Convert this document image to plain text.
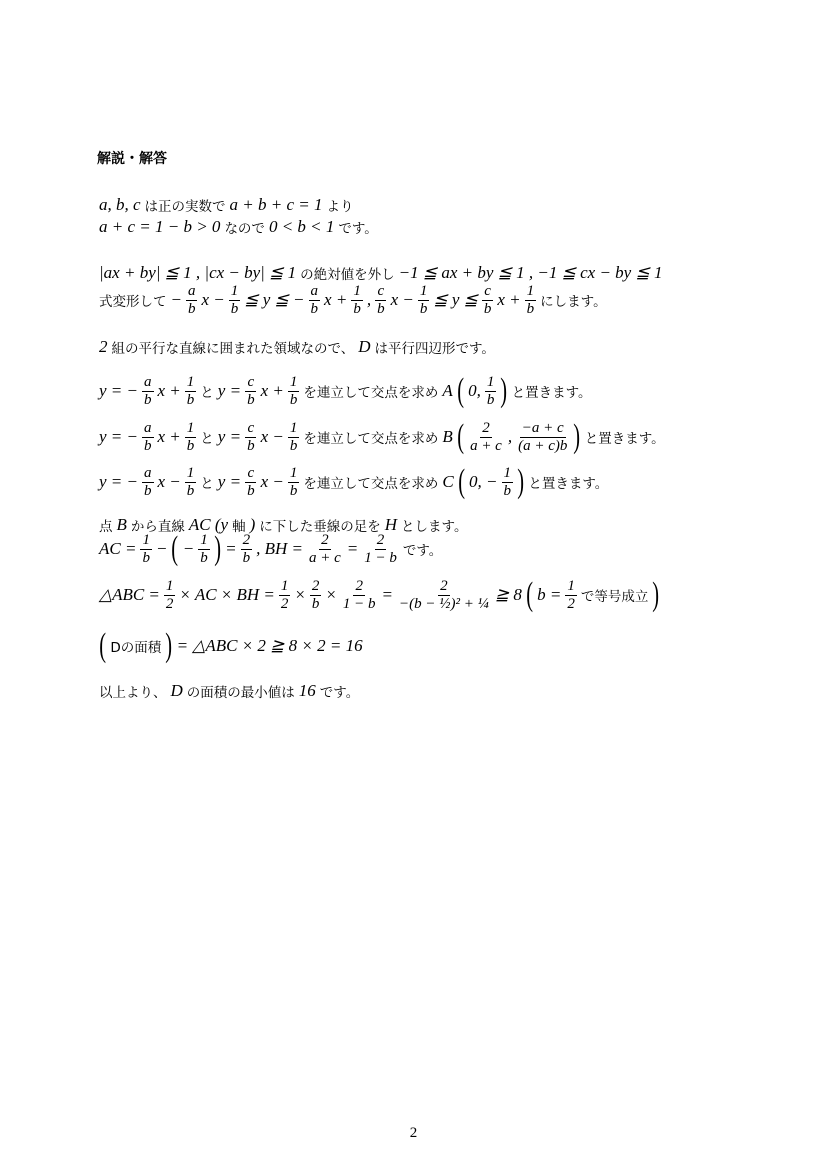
解説・解答
a, b, c は正の実数で a + b + c = 1 より
a + c = 1 − b > 0 なので 0 < b < 1 です。
|ax + by| ≦ 1 , |cx − by| ≦ 1 の絶対値を外し −1 ≦ ax + by ≦ 1 , −1 ≦ cx − by ≦ 1
式変形して − $\frac{a}{b}$ $x - \frac{1}{b}$ ≦ y ≦ − $\frac{a}{b}$ $x + \frac{1}{b}$ , $\frac{c}{b}$ $x - \frac{1}{b}$ ≦ y ≦ $\frac{c}{b}$ $x + \frac{1}{b}$ にします。
2 組の平行な直線に囲まれた領域なので、 D は平行四辺形です。
y = − $\frac{a}{b}$ $x + \frac{1}{b}$ と $y = \frac{c}{b}$ $x + \frac{1}{b}$ を連立して交点を求め A ( 0, $\frac{1}{b}$ ) と置きます。
y = − $\frac{a}{b}$ $x + \frac{1}{b}$ と $y = \frac{c}{b}$ $x - \frac{1}{b}$ を連立して交点を求め B ( $\frac{2}{a + c}$ , $\frac{-a + c}{(a + c)b}$ ) と置きます。
y = − $\frac{a}{b}$ $x - \frac{1}{b}$ と $y = \frac{c}{b}$ $x - \frac{1}{b}$ を連立して交点を求め C ( 0, − $\frac{1}{b}$ ) と置きます。
点 B から直線 AC (y 軸 ) に下した垂線の足を H とします。
AC = $\frac{1}{b}$ − ( − $\frac{1}{b}$ ) = $\frac{2}{b}$ , BH = $\frac{2}{a + c} = \frac{2}{1 - b}$ です。
△ABC = $\frac{1}{2}$ × AC × BH = $\frac{1}{2} \times \frac{2}{b} \times \frac{2}{1 - b} = \frac{2}{\text{−(b − ½)² + ¼}}$ ≧ 8 ( $b = \frac{1}{2}$ で等号成立 )
( Dの面積 ) = △ABC × 2 ≧ 8 × 2 = 16
以上より、 D の面積の最小値は 16 です。
2
